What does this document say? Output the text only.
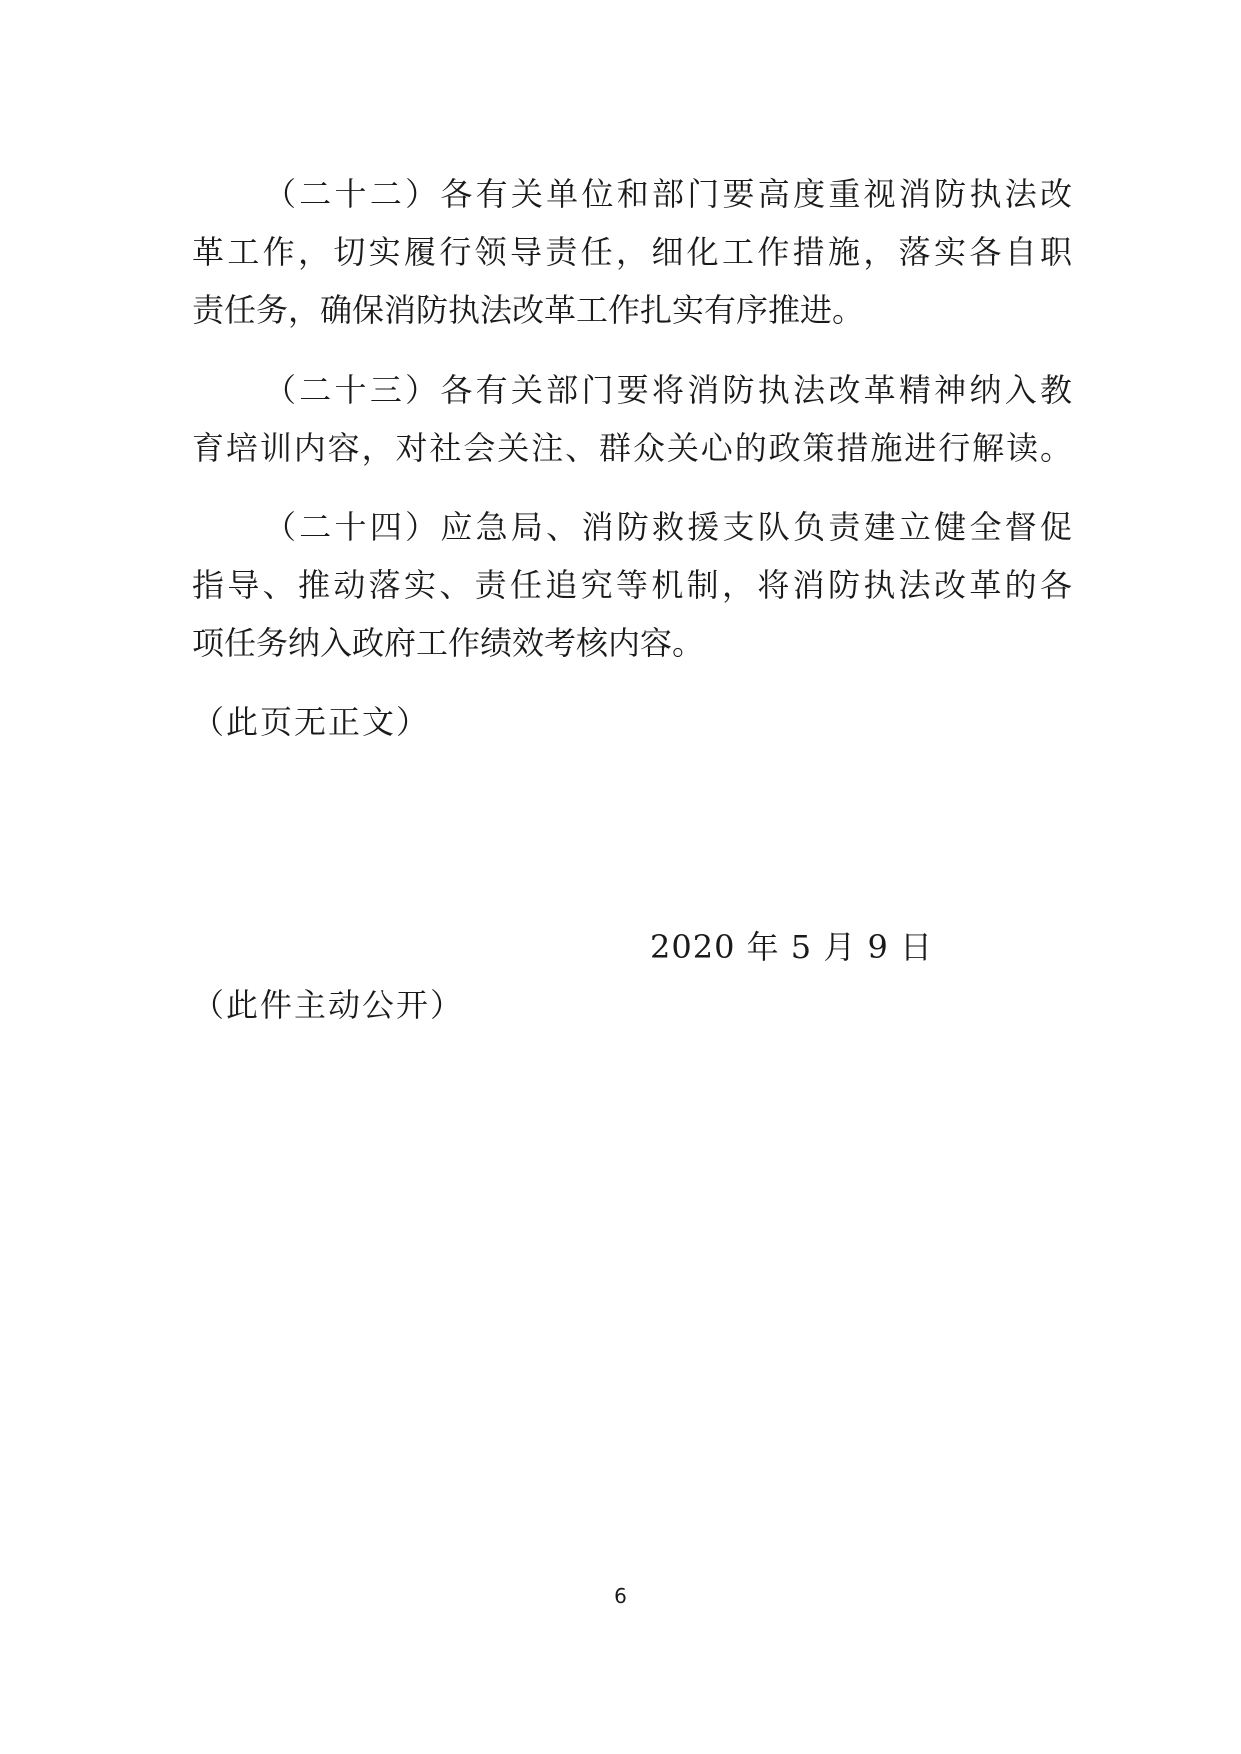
（二十二）各有关单位和部门要高度重视消防执法改
革工作，切实履行领导责任，细化工作措施，落实各自职
责任务，确保消防执法改革工作扎实有序推进。
（二十三）各有关部门要将消防执法改革精神纳入教
育培训内容，对社会关注、群众关心的政策措施进行解读。
（二十四）应急局、消防救援支队负责建立健全督促
指导、推动落实、责任追究等机制，将消防执法改革的各
项任务纳入政府工作绩效考核内容。
（此页无正文）
2020 年 5 月 9 日
（此件主动公开）
6
